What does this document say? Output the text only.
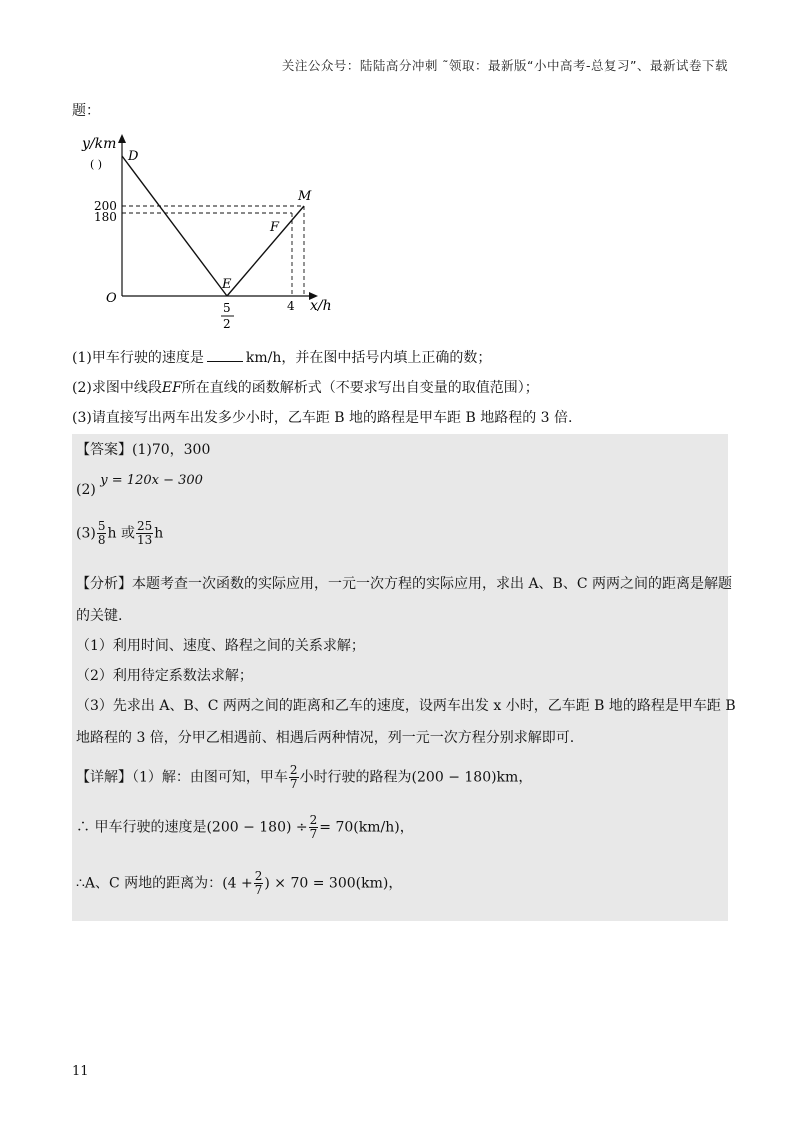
关注公众号：陆陆高分冲刺 ˜领取：最新版“小中高考-总复习”、最新试卷下载
题：
y/km
( )
D
200
180
O
E
F
M
4 x/h
5
2
(1)甲车行驶的速度是	km/h，并在图中括号内填上正确的数；
(2)求图中线段EF所在直线的函数解析式（不要求写出自变量的取值范围）；
(3)请直接写出两车出发多少小时，乙车距 B 地的路程是甲车距 B 地路程的 3 倍.
【答案】(1)70，300
(2) y = 120x − 300
$(3) \frac{5}{8}$ h 或 $\frac{25}{13}$ h
【分析】本题考查一次函数的实际应用，一元一次方程的实际应用，求出 A、B、C 两两之间的距离是解题
的关键.
（1）利用时间、速度、路程之间的关系求解；
（2）利用待定系数法求解；
（3）先求出 A、B、C 两两之间的距离和乙车的速度，设两车出发 x 小时，乙车距 B 地的路程是甲车距 B
地路程的 3 倍，分甲乙相遇前、相遇后两种情况，列一元一次方程分别求解即可.
【详解】（1）解：由图可知，甲车 $\frac{2}{7}$ 小时行驶的路程为(200 − 180)km，
∴ 甲车行驶的速度是$(200 - 180) \div \frac{2}{7} = 70(km/h)$，
∴A、C 两地的距离为：($4 + \frac{2}{7}$ ) × 70 = 300(km)，
11
